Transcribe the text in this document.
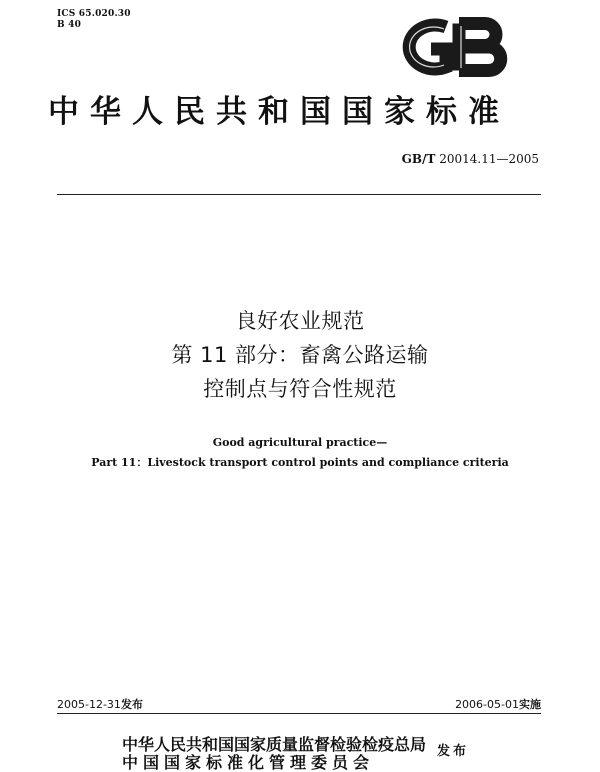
ICS 65.020.30
B 40
中华人民共和国国家标准
GB/T 20014.11—2005
良好农业规范
第 11 部分：畜禽公路运输
控制点与符合性规范
Good agricultural practice—
Part 11：Livestock transport control points and compliance criteria
2005-12-31发布	2006-05-01实施
中华人民共和国国家质量监督检验检疫总局
中国国家标准化管理委员会
发布
